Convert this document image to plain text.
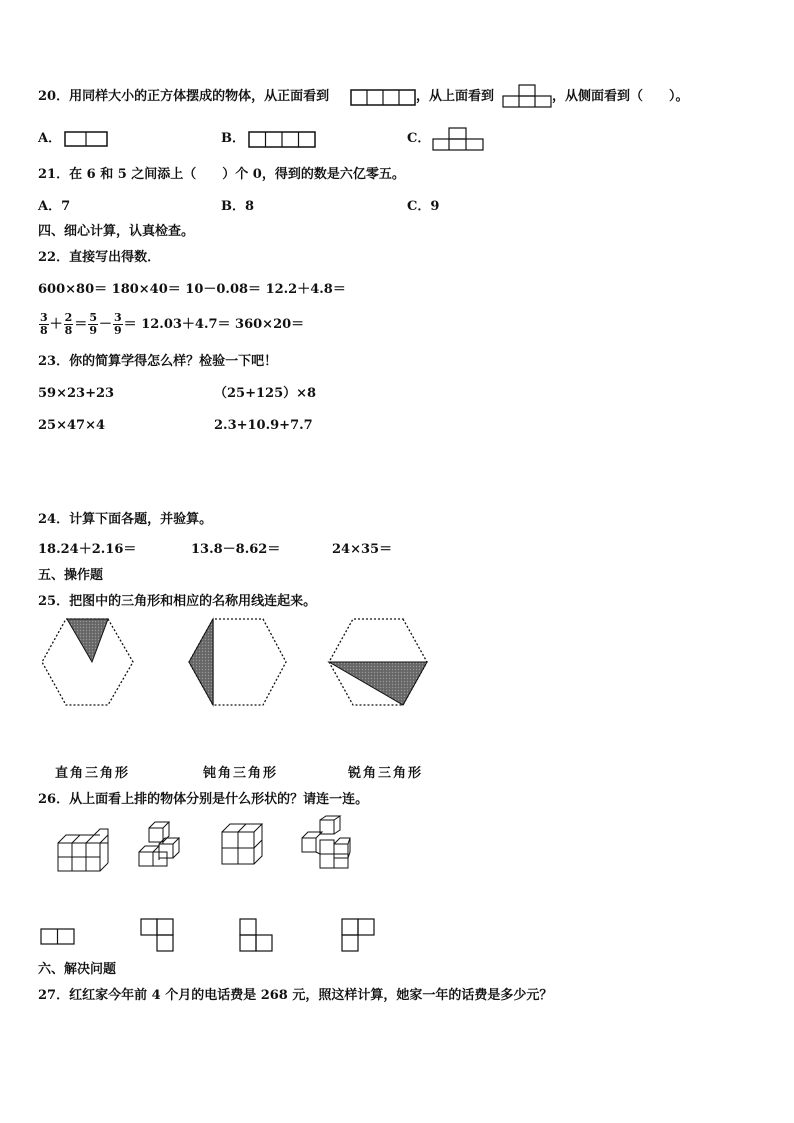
20．用同样大小的正方体摆成的物体，从正面看到	，从上面看到	，从侧面看到（　　）。
A．	B．	C．
21．在 6 和 5 之间添上（　　）个 0，得到的数是六亿零五。
A．7	B．8	C．9
四、细心计算，认真检查。
22．直接写出得数．
600×80＝ 180×40＝ 10－0.08＝ 12.2＋4.8＝
$\frac{3}{8} + \frac{2}{8} = \frac{5}{9} - \frac{3}{9} = 12.03+4.7= 360\times 20=$
23．你的简算学得怎么样？检验一下吧！
59×23+23	（25+125）×8
25×47×4	2.3+10.9+7.7
24．计算下面各题，并验算。
18.24＋2.16＝	13.8－8.62＝	24×35＝
五、操作题
25．把图中的三角形和相应的名称用线连起来。
直角三角形	钝角三角形	锐角三角形
26．从上面看上排的物体分别是什么形状的？请连一连。
六、解决问题
27．红红家今年前 4 个月的电话费是 268 元，照这样计算，她家一年的话费是多少元？
